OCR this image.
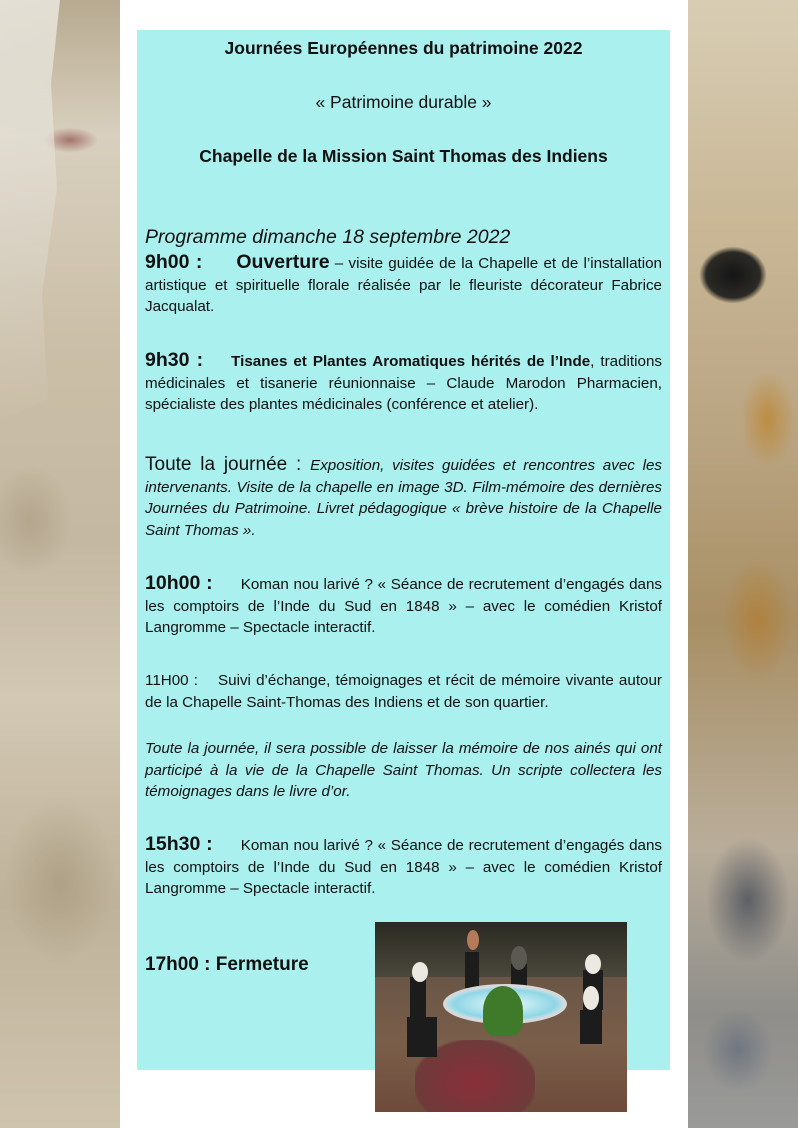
Journées Européennes du patrimoine 2022

« Patrimoine durable »

Chapelle de la Mission Saint Thomas des Indiens

Programme dimanche 18 septembre 2022

9h00 : Ouverture – visite guidée de la Chapelle et de l’installation artistique et spirituelle florale réalisée par le fleuriste décorateur Fabrice Jacqualat.

9h30 : Tisanes et Plantes Aromatiques hérités de l’Inde, traditions médicinales et tisanerie réunionnaise – Claude Marodon Pharmacien, spécialiste des plantes médicinales (conférence et atelier).

Toute la journée : Exposition, visites guidées et rencontres avec les intervenants. Visite de la chapelle en image 3D. Film-mémoire des dernières Journées du Patrimoine. Livret pédagogique « brève histoire de la Chapelle Saint Thomas ».

10h00 : Koman nou larivé ? « Séance de recrutement d’engagés dans les comptoirs de l’Inde du Sud en 1848 » – avec le comédien Kristof Langromme – Spectacle interactif.

11H00 : Suivi d’échange, témoignages et récit de mémoire vivante autour de la Chapelle Saint-Thomas des Indiens et de son quartier.

Toute la journée, il sera possible de laisser la mémoire de nos ainés qui ont participé à la vie de la Chapelle Saint Thomas. Un scripte collectera les témoignages dans le livre d’or.

15h30 : Koman nou larivé ? « Séance de recrutement d’engagés dans les comptoirs de l’Inde du Sud en 1848 » – avec le comédien Kristof Langromme – Spectacle interactif.

17h00 : Fermeture
